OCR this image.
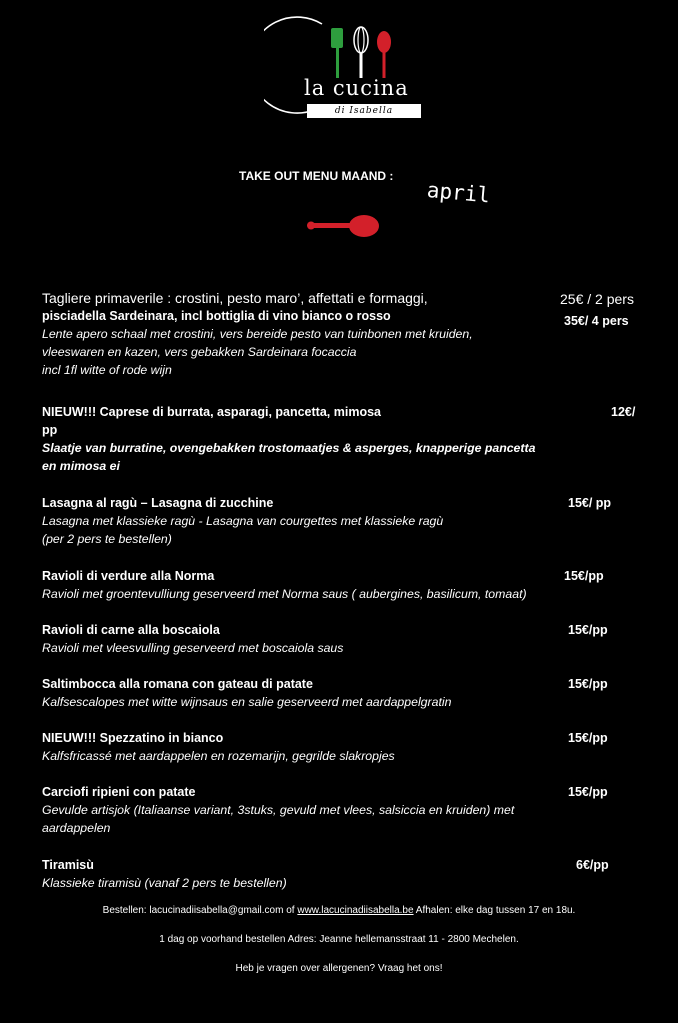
la cucina
di Isabella
TAKE OUT MENU MAAND :
april
Tagliere primaverile : crostini, pesto maro’, affettati e formaggi,
pisciadella Sardeinara, incl bottiglia di vino bianco o rosso
Lente apero schaal met crostini, vers bereide pesto van tuinbonen met kruiden,
vleeswaren en kazen, vers gebakken Sardeinara focaccia
incl 1fl witte of rode wijn
25€ / 2 pers
35€/ 4 pers
NIEUW!!! Caprese di burrata, asparagi, pancetta, mimosa
pp
Slaatje van burratine, ovengebakken trostomaatjes & asperges, knapperige pancetta
en mimosa ei
12€/
Lasagna al ragù – Lasagna di zucchine
Lasagna met klassieke ragù - Lasagna van courgettes met klassieke ragù
(per 2 pers te bestellen)
15€/ pp
Ravioli di verdure alla Norma
Ravioli met groentevulliung geserveerd met Norma saus ( aubergines, basilicum, tomaat)
15€/pp
Ravioli di carne alla boscaiola
Ravioli met vleesvulling geserveerd met boscaiola saus
15€/pp
Saltimbocca alla romana con gateau di patate
Kalfsescalopes met witte wijnsaus en salie geserveerd met aardappelgratin
15€/pp
NIEUW!!! Spezzatino in bianco
Kalfsfricassé met aardappelen en rozemarijn, gegrilde slakropjes
15€/pp
Carciofi ripieni con patate
Gevulde artisjok (Italiaanse variant, 3stuks, gevuld met vlees, salsiccia en kruiden) met
aardappelen
15€/pp
Tiramisù
Klassieke tiramisù (vanaf 2 pers te bestellen)
6€/pp
Bestellen: lacucinadiisabella@gmail.com of www.lacucinadiisabella.be Afhalen: elke dag tussen 17 en 18u.
1 dag op voorhand bestellen Adres: Jeanne hellemansstraat 11 - 2800 Mechelen.
Heb je vragen over allergenen? Vraag het ons!
